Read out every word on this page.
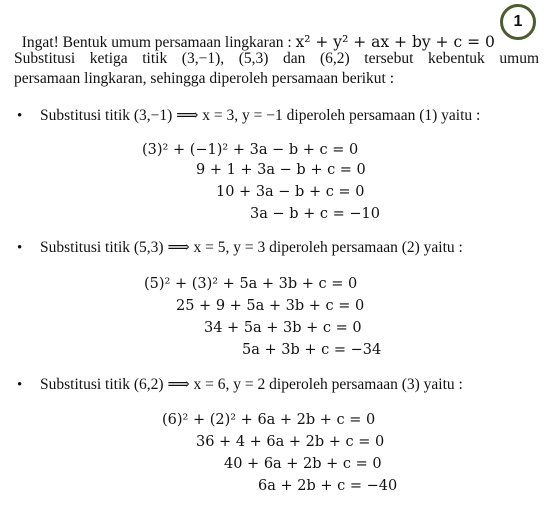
Ingat! Bentuk umum persamaan lingkaran : x² + y² + ax + by + c = 0

1
Substitusi ketiga titik (3,−1), (5,3) dan (6,2) tersebut kebentuk umum
persamaan lingkaran, sehingga diperoleh persamaan berikut :
• Substitusi titik (3,−1) ⟹ x = 3, y = −1 diperoleh persamaan (1) yaitu :
(3)² + (−1)² + 3a − b + c = 0
9 + 1 + 3a − b + c = 0
10 + 3a − b + c = 0
3a − b + c = −10
• Substitusi titik (5,3) ⟹ x = 5, y = 3 diperoleh persamaan (2) yaitu :
(5)² + (3)² + 5a + 3b + c = 0
25 + 9 + 5a + 3b + c = 0
34 + 5a + 3b + c = 0
5a + 3b + c = −34
• Substitusi titik (6,2) ⟹ x = 6, y = 2 diperoleh persamaan (3) yaitu :
(6)² + (2)² + 6a + 2b + c = 0
36 + 4 + 6a + 2b + c = 0
40 + 6a + 2b + c = 0
6a + 2b + c = −40
